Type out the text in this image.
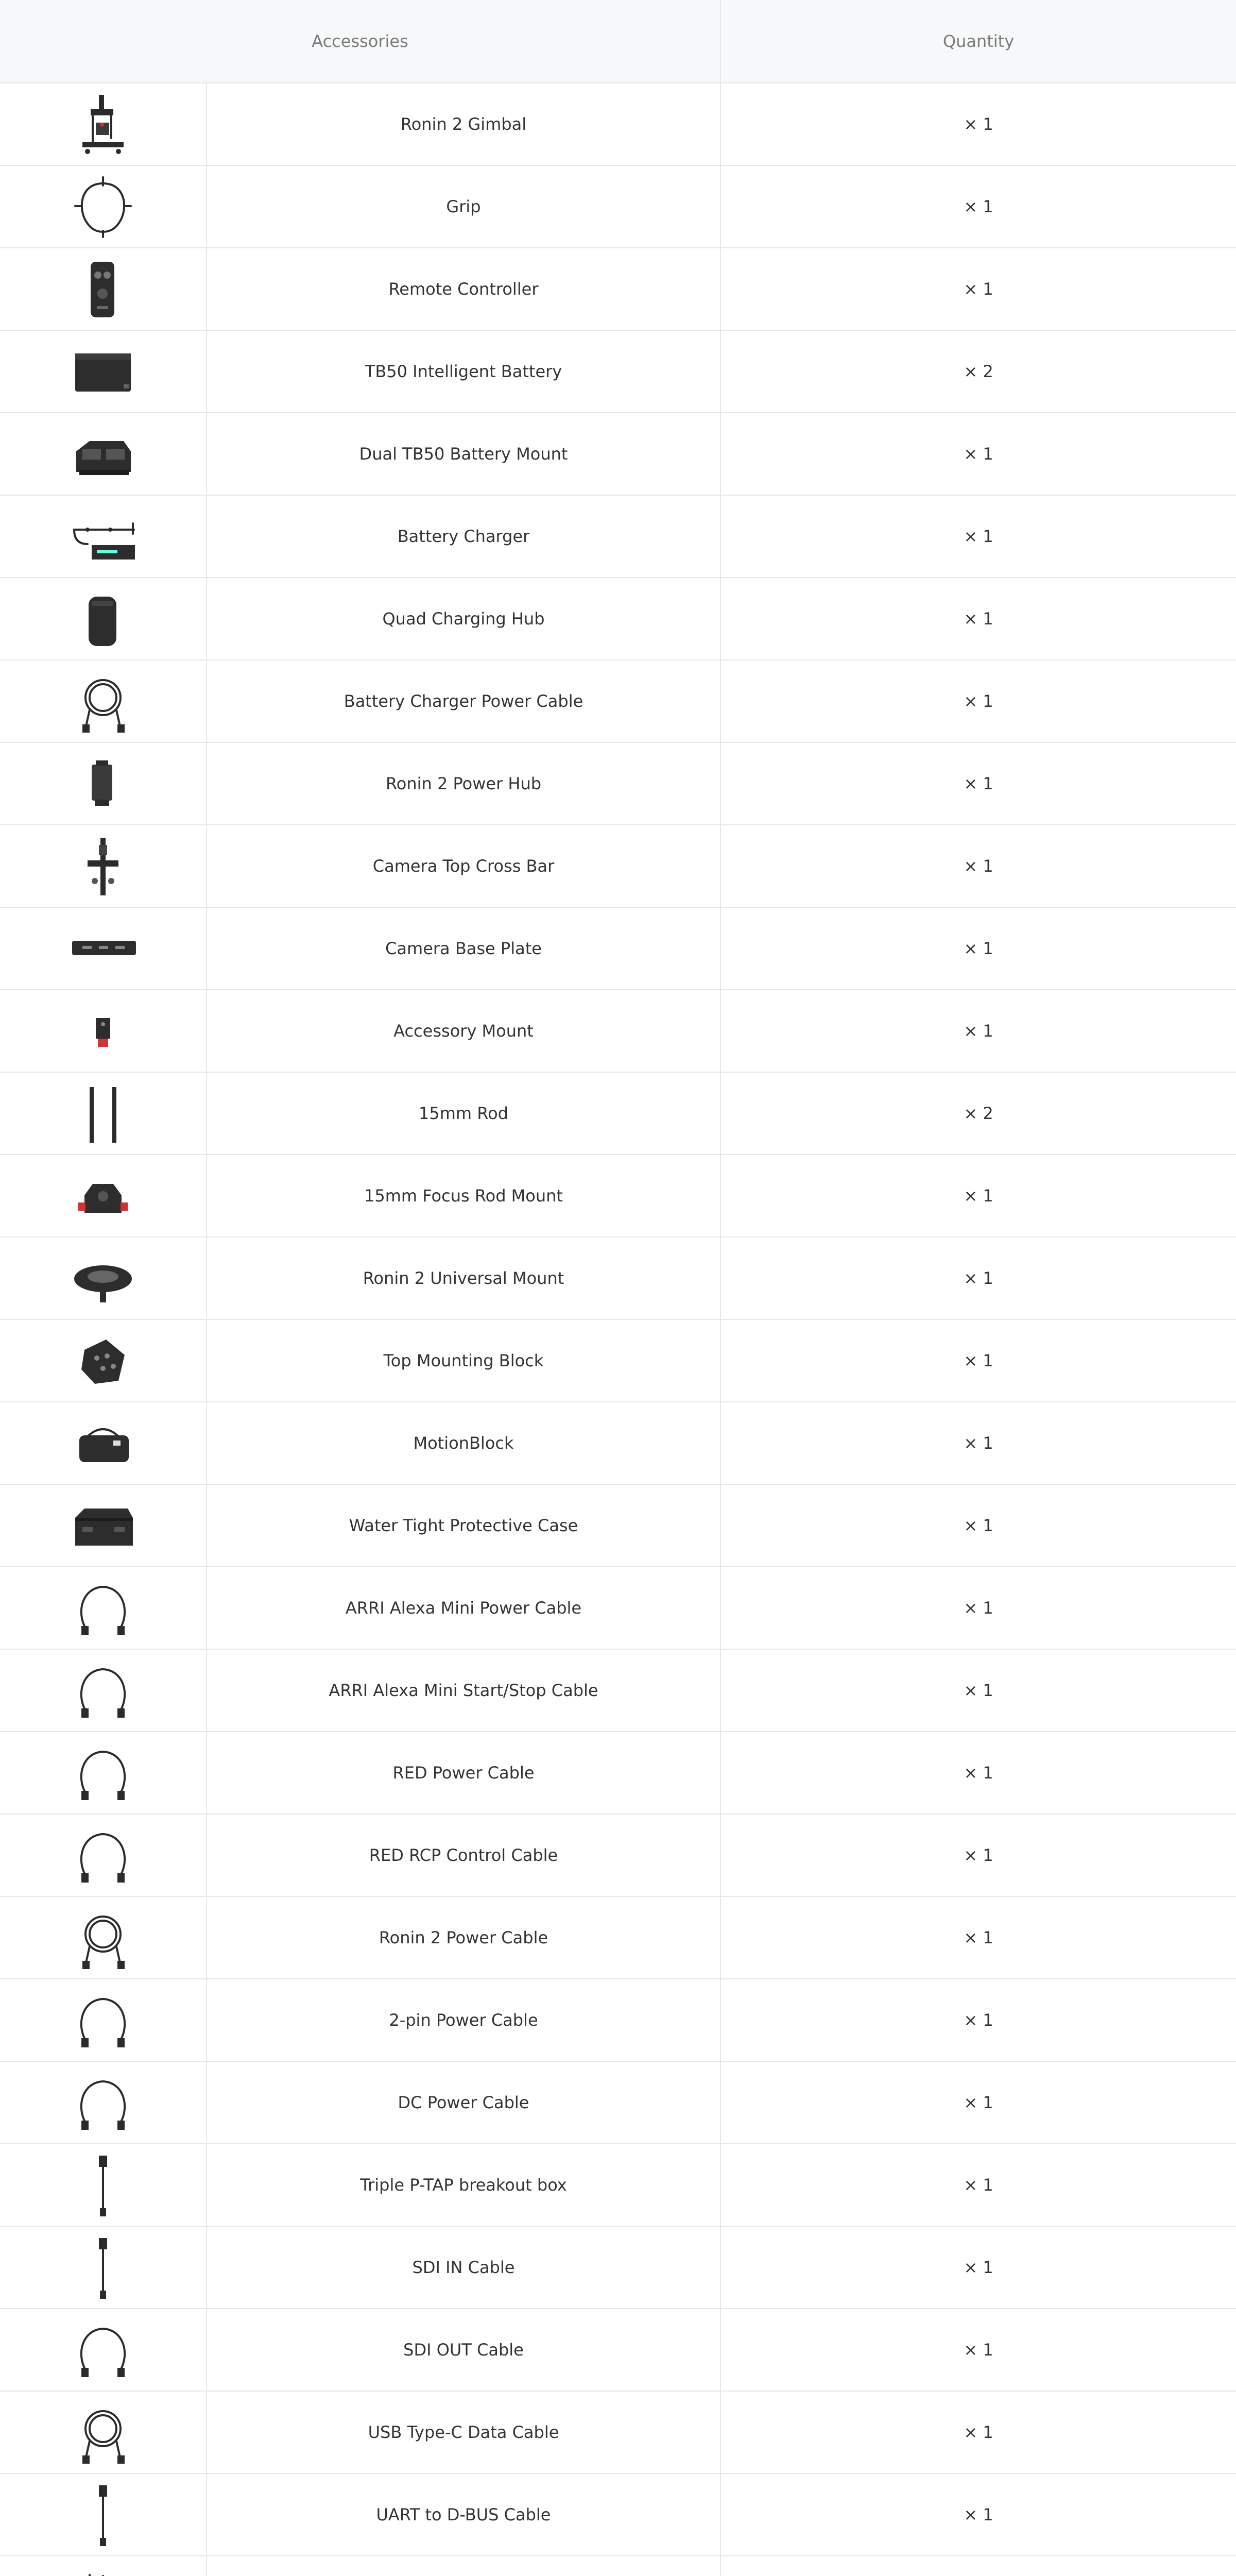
Accessories	Quantity
Ronin 2 Gimbal	× 1
Grip	× 1
Remote Controller	× 1
TB50 Intelligent Battery	× 2
Dual TB50 Battery Mount	× 1
Battery Charger	× 1
Quad Charging Hub	× 1
Battery Charger Power Cable	× 1
Ronin 2 Power Hub	× 1
Camera Top Cross Bar	× 1
Camera Base Plate	× 1
Accessory Mount	× 1
15mm Rod	× 2
15mm Focus Rod Mount	× 1
Ronin 2 Universal Mount	× 1
Top Mounting Block	× 1
MotionBlock	× 1
Water Tight Protective Case	× 1
ARRI Alexa Mini Power Cable	× 1
ARRI Alexa Mini Start/Stop Cable	× 1
RED Power Cable	× 1
RED RCP Control Cable	× 1
Ronin 2 Power Cable	× 1
2-pin Power Cable	× 1
DC Power Cable	× 1
Triple P-TAP breakout box	× 1
SDI IN Cable	× 1
SDI OUT Cable	× 1
USB Type-C Data Cable	× 1
UART to D-BUS Cable	× 1
